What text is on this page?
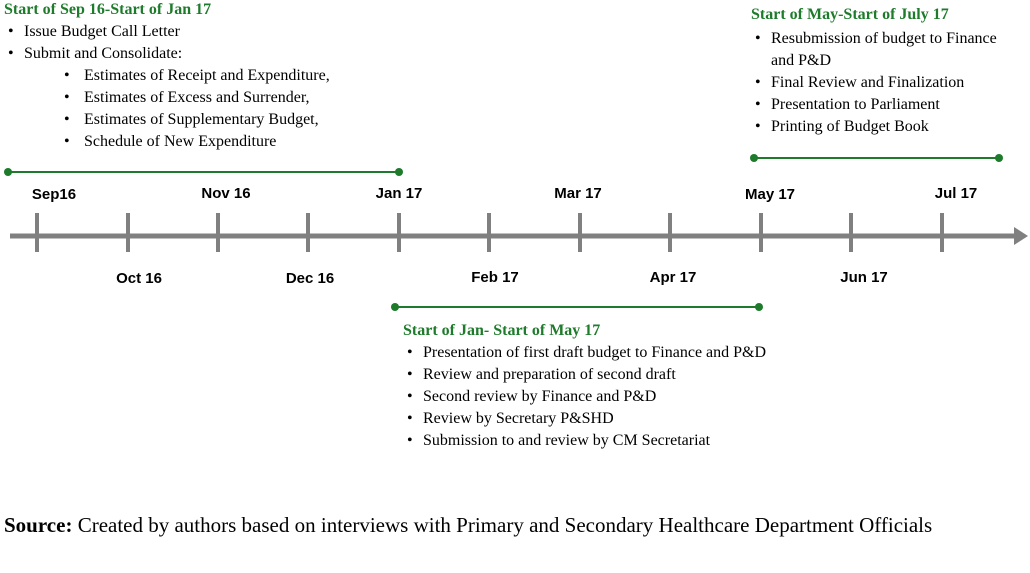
Start of Sep 16-Start of Jan 17
• Issue Budget Call Letter
• Submit and Consolidate:
• Estimates of Receipt and Expenditure,
• Estimates of Excess and Surrender,
• Estimates of Supplementary Budget,
• Schedule of New Expenditure
Start of May-Start of July 17
• Resubmission of budget to Finance and P&D
• Final Review and Finalization
• Presentation to Parliament
• Printing of Budget Book
Start of Jan- Start of May 17
• Presentation of first draft budget to Finance and P&D
• Review and preparation of second draft
• Second review by Finance and P&D
• Review by Secretary P&SHD
• Submission to and review by CM Secretariat
Sep16	Nov 16	Jan 17	Mar 17	May 17	Jul 17
Oct 16	Dec 16	Feb 17	Apr 17	Jun 17
Source: Created by authors based on interviews with Primary and Secondary Healthcare Department Officials
